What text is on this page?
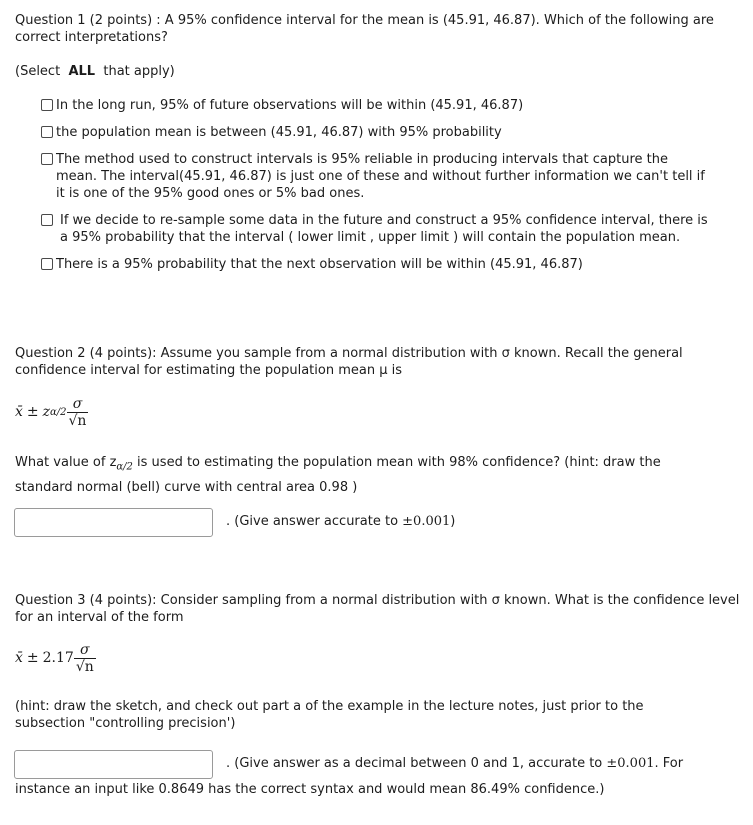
Question 1 (2 points) : A 95% confidence interval for the mean is (45.91, 46.87). Which of the following are correct interpretations?
(Select ALL that apply)
In the long run, 95% of future observations will be within (45.91, 46.87)
the population mean is between (45.91, 46.87) with 95% probability
The method used to construct intervals is 95% reliable in producing intervals that capture the mean. The interval(45.91, 46.87) is just one of these and without further information we can't tell if it is one of the 95% good ones or 5% bad ones.
If we decide to re-sample some data in the future and construct a 95% confidence interval, there is a 95% probability that the interval ( lower limit , upper limit ) will contain the population mean.
There is a 95% probability that the next observation will be within (45.91, 46.87)
Question 2 (4 points): Assume you sample from a normal distribution with σ known. Recall the general confidence interval for estimating the population mean μ is
x̄ ± z $\alpha/2 \frac{\sigma}{√n}$
What value of $z_{\alpha/2}$ is used to estimating the population mean with 98% confidence? (hint: draw the standard normal (bell) curve with central area 0.98 )
. (Give answer accurate to ±0.001)
Question 3 (4 points): Consider sampling from a normal distribution with σ known. What is the confidence level for an interval of the form
x̄ ± $2.17 \frac{\sigma}{√n}$
(hint: draw the sketch, and check out part a of the example in the lecture notes, just prior to the subsection "controlling precision')
. (Give answer as a decimal between 0 and 1, accurate to ±0.001. For
instance an input like 0.8649 has the correct syntax and would mean 86.49% confidence.)
